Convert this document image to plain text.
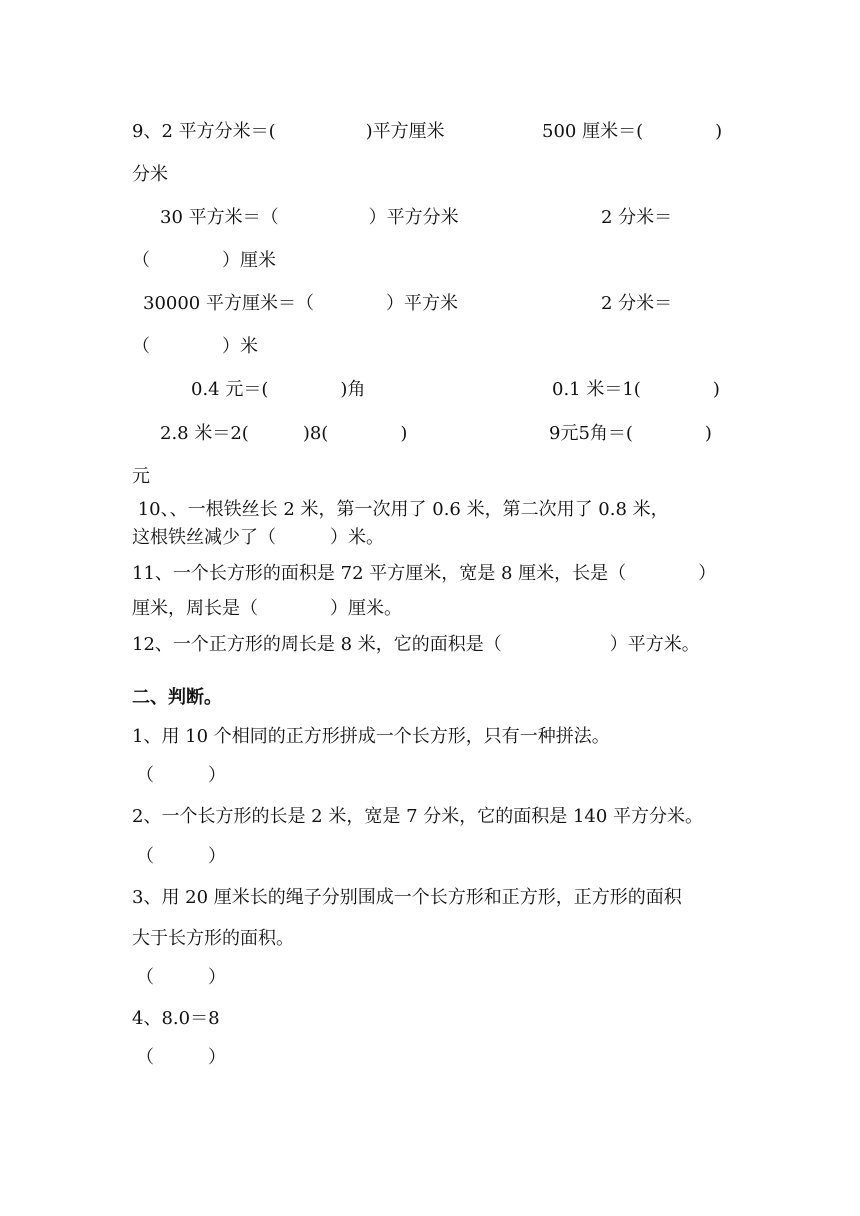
9、2 平方分米＝(　　　　　)平方厘米	500 厘米＝(　　　　)
分米
30 平方米＝（　　　　　）平方分米	2 分米＝
（　　　　）厘米
30000 平方厘米＝（　　　　）平方米	2 分米＝
（　　　　）米
0.4 元＝(　　　　)角	0.1 米＝1(　　　　)
2.8 米＝2(　　　)8(　　　　)	9元5角＝(　　　　)
元
10、、一根铁丝长 2 米，第一次用了 0.6 米，第二次用了 0.8 米，
这根铁丝减少了（　　　）米。
11、一个长方形的面积是 72 平方厘米，宽是 8 厘米，长是（　　　　）
厘米，周长是（　　　　）厘米。
12、一个正方形的周长是 8 米，它的面积是（　　　　　　）平方米。
二、判断。
1、用 10 个相同的正方形拼成一个长方形，只有一种拼法。
（　　　）
2、一个长方形的长是 2 米，宽是 7 分米，它的面积是 140 平方分米。
（　　　）
3、用 20 厘米长的绳子分别围成一个长方形和正方形，正方形的面积
大于长方形的面积。
（　　　）
4、8.0＝8
（　　　）
